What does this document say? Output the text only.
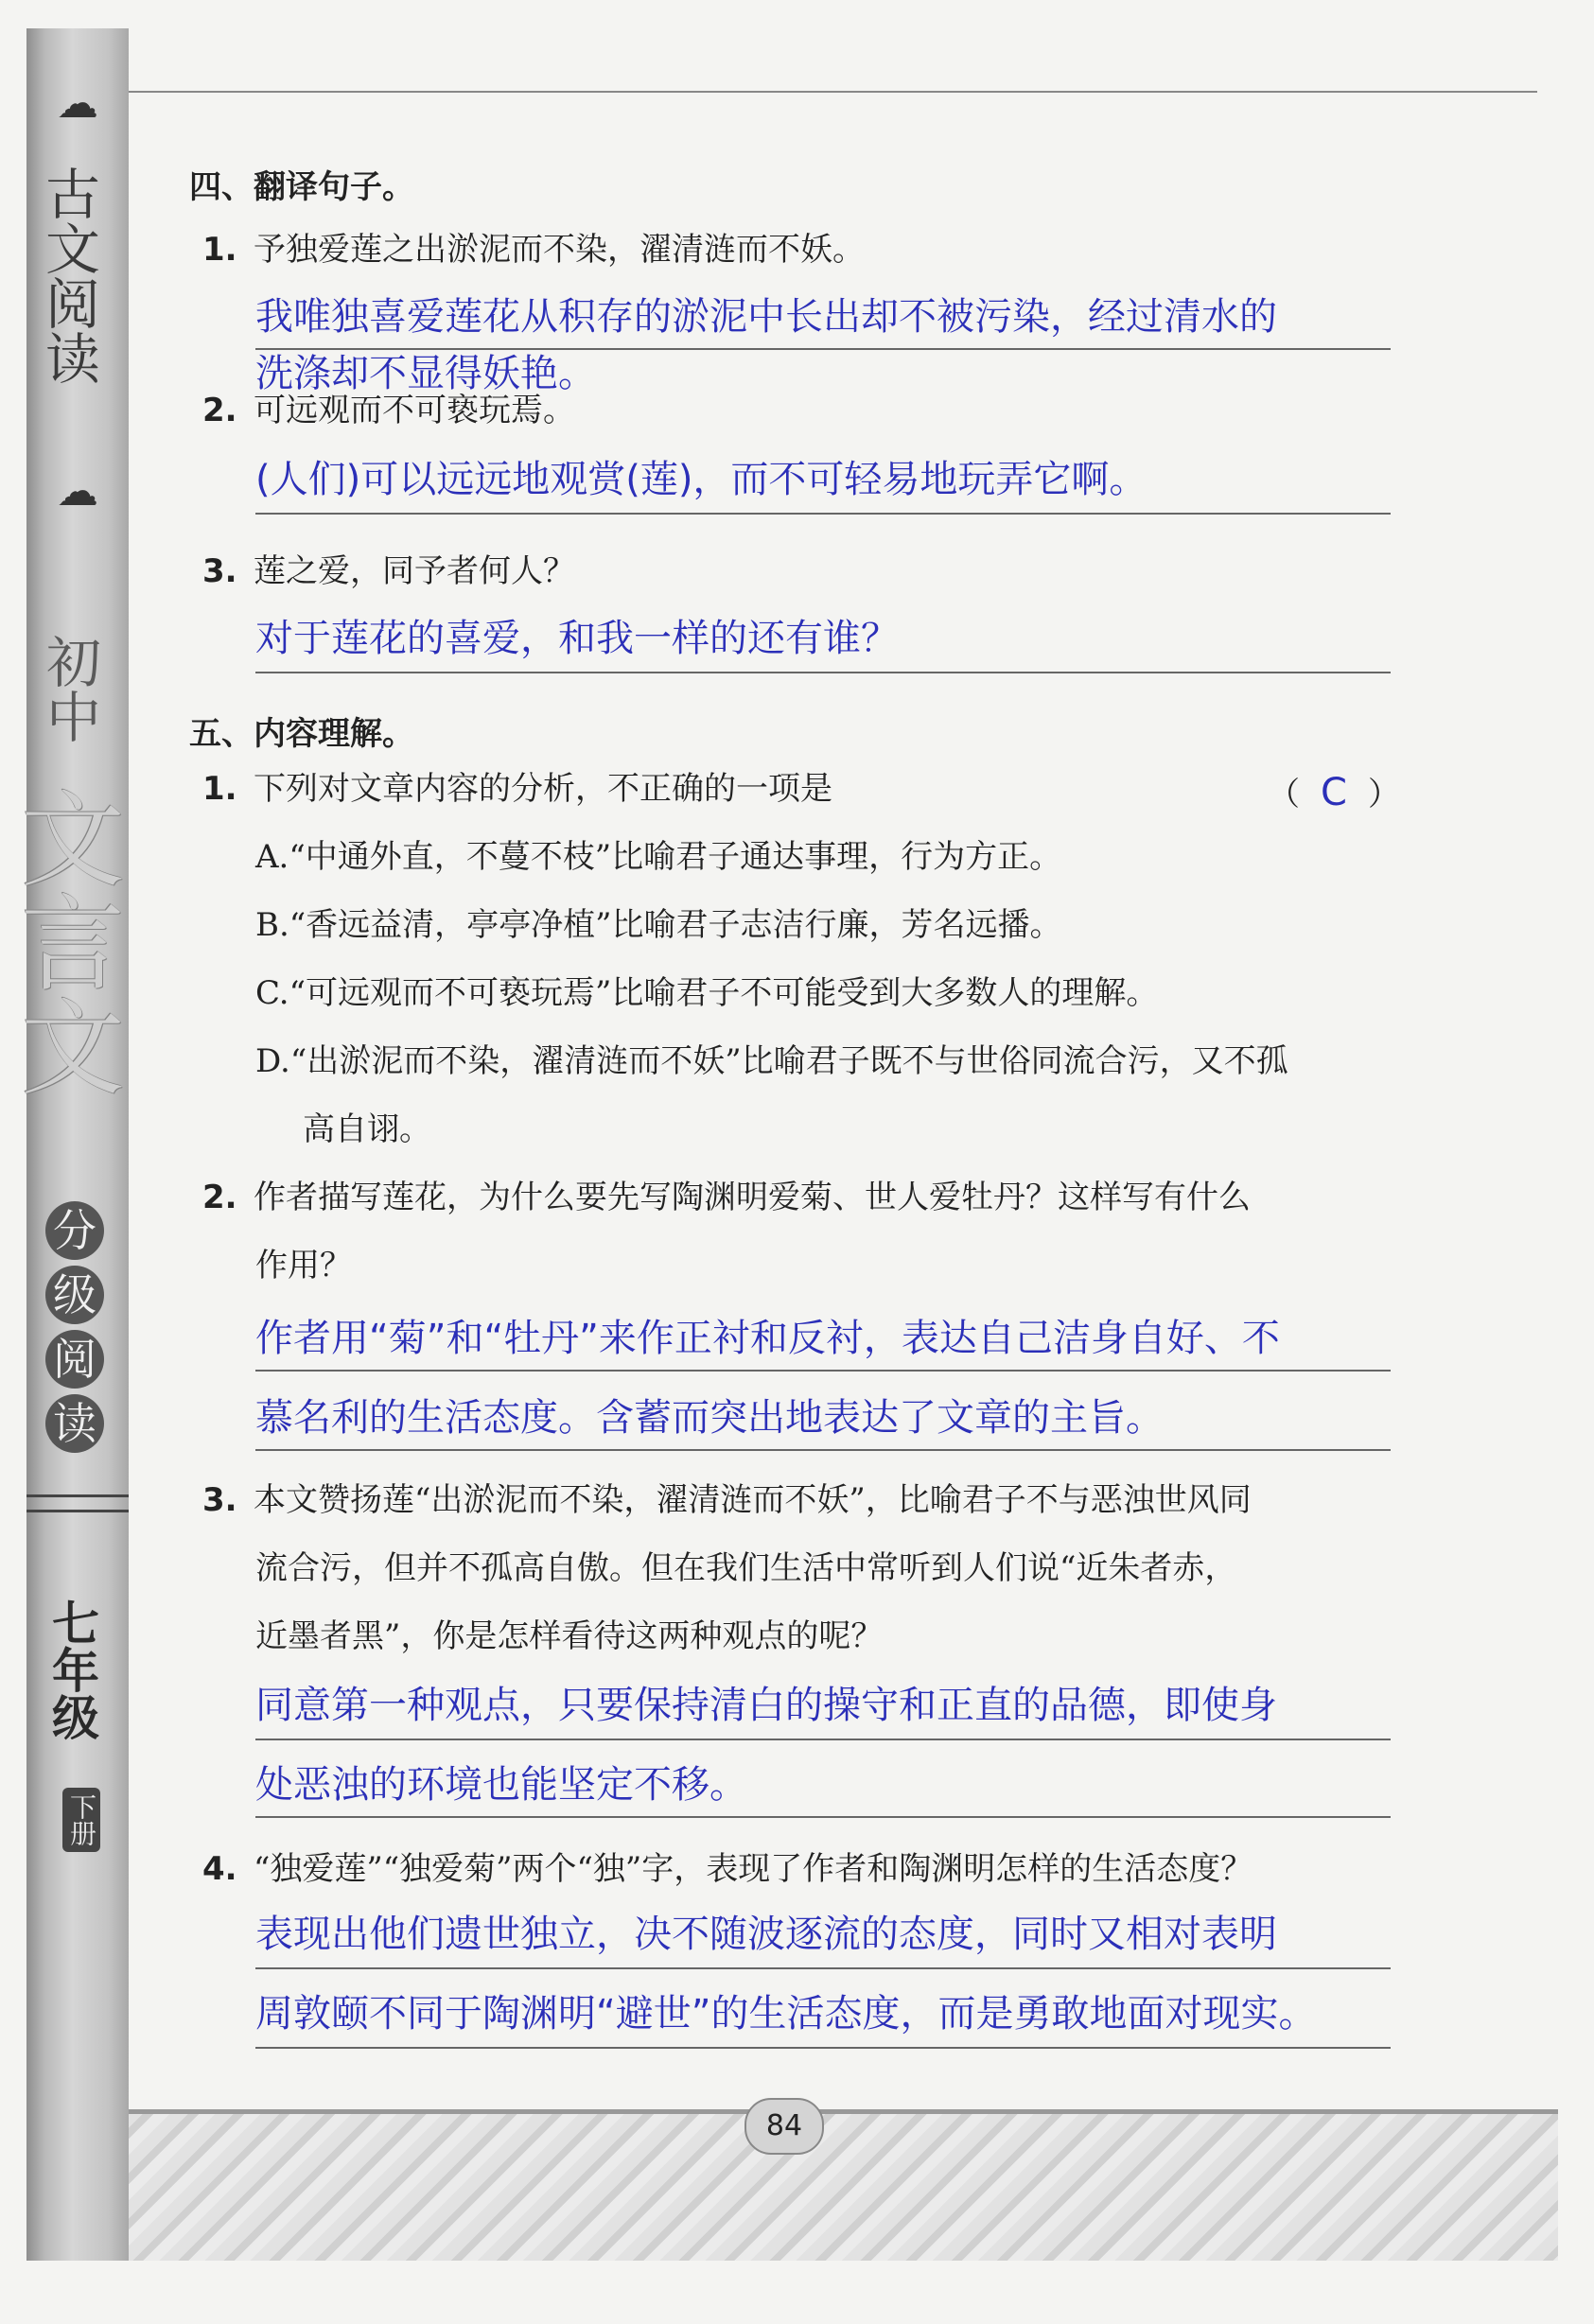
☁
古文阅读
☁
初中
文言文
分
级
阅
读
七年级
下册
四、翻译句子。
1. 予独爱莲之出淤泥而不染，濯清涟而不妖。
我唯独喜爱莲花从积存的淤泥中长出却不被污染，经过清水的
洗涤却不显得妖艳。
2. 可远观而不可亵玩焉。
(人们)可以远远地观赏(莲)，而不可轻易地玩弄它啊。
3. 莲之爱，同予者何人？
对于莲花的喜爱，和我一样的还有谁？
五、内容理解。
1. 下列对文章内容的分析，不正确的一项是	（ C ）
A.“中通外直，不蔓不枝”比喻君子通达事理，行为方正。
B.“香远益清，亭亭净植”比喻君子志洁行廉，芳名远播。
C.“可远观而不可亵玩焉”比喻君子不可能受到大多数人的理解。
D.“出淤泥而不染，濯清涟而不妖”比喻君子既不与世俗同流合污，又不孤
高自诩。
2. 作者描写莲花，为什么要先写陶渊明爱菊、世人爱牡丹？这样写有什么
作用？
作者用“菊”和“牡丹”来作正衬和反衬，表达自己洁身自好、不
慕名利的生活态度。含蓄而突出地表达了文章的主旨。
3. 本文赞扬莲“出淤泥而不染，濯清涟而不妖”，比喻君子不与恶浊世风同
流合污，但并不孤高自傲。但在我们生活中常听到人们说“近朱者赤，
近墨者黑”，你是怎样看待这两种观点的呢？
同意第一种观点，只要保持清白的操守和正直的品德，即使身
处恶浊的环境也能坚定不移。
4. “独爱莲”“独爱菊”两个“独”字，表现了作者和陶渊明怎样的生活态度？
表现出他们遗世独立，决不随波逐流的态度，同时又相对表明
周敦颐不同于陶渊明“避世”的生活态度，而是勇敢地面对现实。
84
